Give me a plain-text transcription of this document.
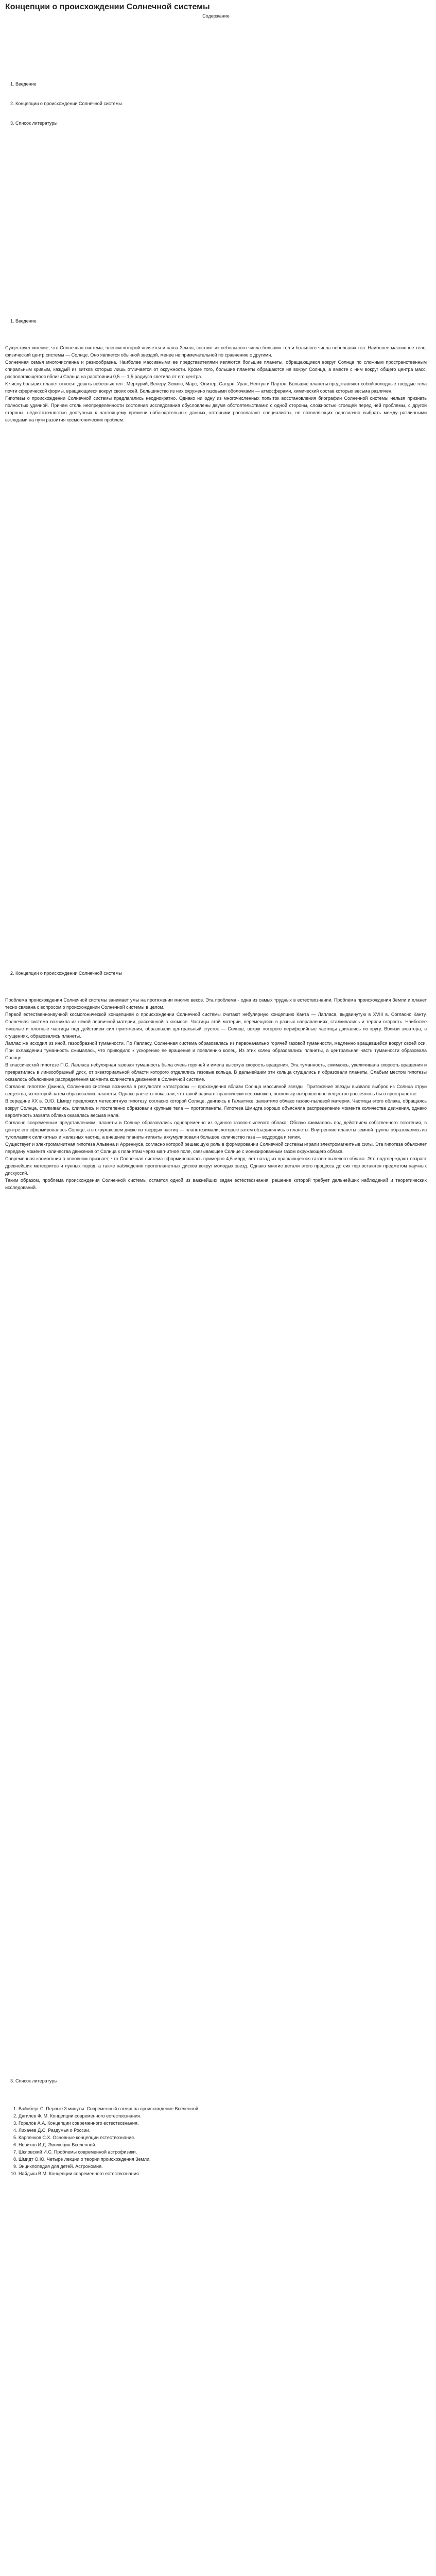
Концепции о происхождении Солнечной системы
Содержание
1. Введение
2. Концепции о происхождении Солнечной системы
3. Список литературы
1. Введение

Существует мнение, что Солнечная система, членом которой является и наша Земля, состоит из небольшого числа больших тел и большого числа небольших тел. Наиболее массивное тело, физический центр системы — Солнце. Оно является обычной звездой, менее не примечательной по сравнению с другими.

Солнечная семья многочисленна и разнообразна. Наиболее массивными ее представителями являются большие планеты, обращающиеся вокруг Солнца по сложным пространственным спиральным кривым, каждый из витков которых лишь отличается от окружности. Кроме того, большие планеты обращаются не вокруг Солнца, а вместе с ним вокруг общего центра масс, располагающегося вблизи Солнца на расстоянии 0,5 — 1,5 радиуса светила от его центра.

К числу больших планет относят девять небесных тел : Меркурий, Венеру, Землю, Марс, Юпитер, Сатурн, Уран, Нептун и Плутон. Большие планеты представляют собой холодные твердые тела почти сферической формы, вращающиеся вокруг своих осей. Большинство из них окружено газовыми оболочками — атмосферами, химический состав которых весьма различен.

Гипотезы о происхождении Солнечной системы предлагались неоднократно. Однако ни одну из многочисленных попыток восстановления биографии Солнечной системы нельзя признать полностью удачной. Причем столь неопределенности состояния исследования обусловлены двумя обстоятельствами: с одной стороны, сложностью стоящей перед ней проблемы, с другой стороны, недостаточностью доступных к настоящему времени наблюдательных данных, которыми располагают специалисты, не позволяющих однозначно выбрать между различными взглядами на пути развития космогонических проблем.

2. Концепции о происхождении Солнечной системы

Проблема происхождения Солнечной системы занимает умы на протяжении многих веков. Эта проблема - одна из самых трудных в естествознании. Проблема происхождения Земли и планет тесно связана с вопросом о происхождении Солнечной системы в целом.

Первой естественнонаучной космогонической концепцией о происхождении Солнечной системы считают небулярную концепцию Канта — Лапласа, выдвинутую в XVIII в. Согласно Канту, Солнечная система возникла из некой первичной материи, рассеянной в космосе. Частицы этой материи, перемещаясь в разных направлениях, сталкивались и теряли скорость. Наиболее тяжелые и плотные частицы под действием сил притяжения, образовали центральный сгусток — Солнце, вокруг которого периферийные частицы двигались по кругу. Вблизи экватора, в сгущениях, образовались планеты.

Лаплас же исходил из иной, газообразной туманности. По Лапласу, Солнечная система образовалась из первоначально горячей газовой туманности, медленно вращавшейся вокруг своей оси. При охлаждении туманность сжималась, что приводило к ускорению ее вращения и появлению колец. Из этих колец образовались планеты, а центральная часть туманности образовала Солнце.

В классической гипотезе П.С. Лапласа небулярная газовая туманность была очень горячей и имела высокую скорость вращения. Эта туманность, сжимаясь, увеличивала скорость вращения и превратилась в линзообразный диск, от экваториальной области которого отделялись газовые кольца. В дальнейшем эти кольца сгущались и образовали планеты. Слабым местом гипотезы оказалось объяснение распределения момента количества движения в Солнечной системе.

Согласно гипотезе Джинса, Солнечная система возникла в результате катастрофы — прохождения вблизи Солнца массивной звезды. Притяжение звезды вызвало выброс из Солнца струи вещества, из которой затем образовались планеты. Однако расчеты показали, что такой вариант практически невозможен, поскольку выброшенное вещество рассеялось бы в пространстве.

В середине XX в. О.Ю. Шмидт предложил метеоритную гипотезу, согласно которой Солнце, двигаясь в Галактике, захватило облако газово-пылевой материи. Частицы этого облака, обращаясь вокруг Солнца, сталкивались, слипались и постепенно образовали крупные тела — протопланеты. Гипотеза Шмидта хорошо объясняла распределение момента количества движения, однако вероятность захвата облака оказалась весьма мала.

Согласно современным представлениям, планеты и Солнце образовались одновременно из единого газово-пылевого облака. Облако сжималось под действием собственного тяготения, в центре его сформировалось Солнце, а в окружающем диске из твердых частиц — планетезимали, которые затем объединялись в планеты. Внутренние планеты земной группы образовались из тугоплавких силикатных и железных частиц, а внешние планеты-гиганты аккумулировали большое количество газа — водорода и гелия.

Существует и электромагнитная гипотеза Альвена и Аррениуса, согласно которой решающую роль в формировании Солнечной системы играли электромагнитные силы. Эта гипотеза объясняет передачу момента количества движения от Солнца к планетам через магнитное поле, связывающее Солнце с ионизированным газом окружающего облака.

Современная космогония в основном признает, что Солнечная система сформировалась примерно 4,6 млрд. лет назад из вращающегося газово-пылевого облака. Это подтверждают возраст древнейших метеоритов и лунных пород, а также наблюдения протопланетных дисков вокруг молодых звезд. Однако многие детали этого процесса до сих пор остаются предметом научных дискуссий.

Таким образом, проблема происхождения Солнечной системы остается одной из важнейших задач естествознания, решение которой требует дальнейших наблюдений и теоретических исследований.

3. Список литературы
1. Вайнберг С. Первые 3 минуты. Современный взгляд на происхождение Вселенной.
2. Дягилев Ф. М. Концепции современного естествознания.
3. Горелов А.А. Концепции современного естествознания.
4. Лихачев Д.С. Раздумья о России.
5. Карпенков С.Х. Основные концепции естествознания.
6. Новиков И.Д. Эволюция Вселенной.
7. Шкловский И.С. Проблемы современной астрофизики.
8. Шмидт О.Ю. Четыре лекции о теории происхождения Земли.
9. Энциклопедия для детей. Астрономия.
10. Найдыш В.М. Концепции современного естествознания.
